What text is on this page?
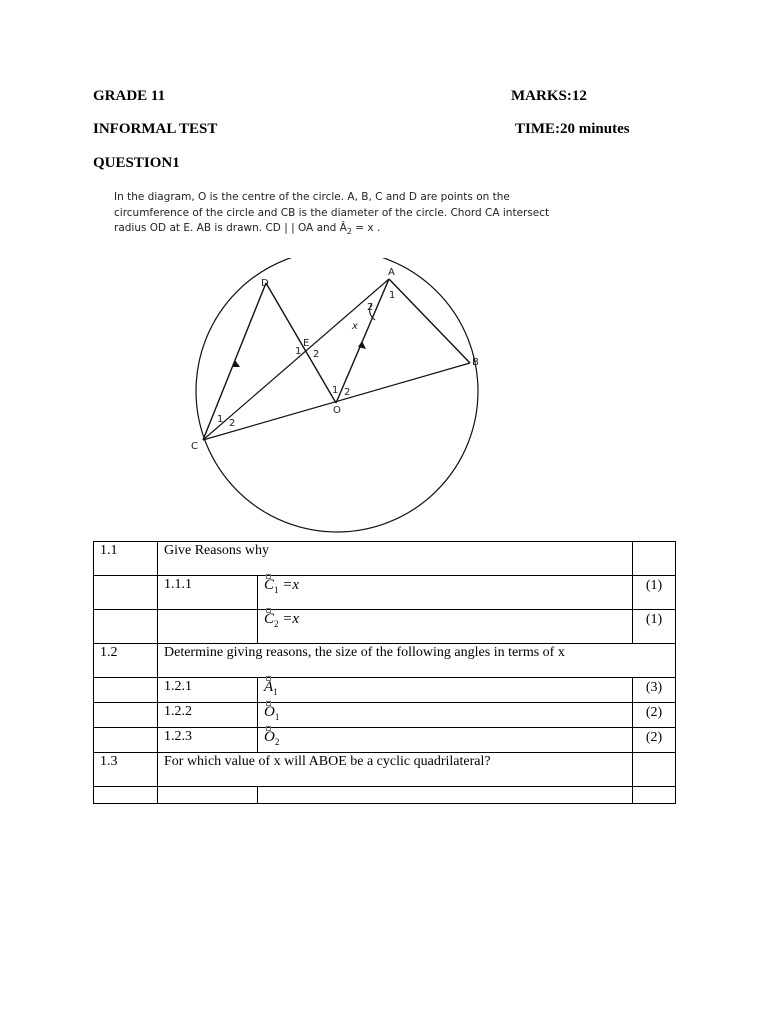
GRADE 11	MARKS:12
INFORMAL TEST	TIME:20 minutes
QUESTION1

In the diagram, O is the centre of the circle. A, B, C and D are points on the

circumference of the circle and CB is the diameter of the circle. Chord CA intersect

radius OD at E. AB is drawn. CD | | OA and $Â_2 = x$ .

A
B
C
D
E
O
1
2
x
1 2
1 2
1 2
1.1	Give Reasons why		
	1.1.1	$C_1 =x$	(1)
		$C_2 =x$	(1)
1.2	Determine giving reasons, the size of the following angles in terms of x		
	1.2.1	$A_1$	(3)
	1.2.2	$O_1$	(2)
	1.2.3	$O_2$	(2)
1.3	For which value of x will ABOE be a cyclic quadrilateral?		
